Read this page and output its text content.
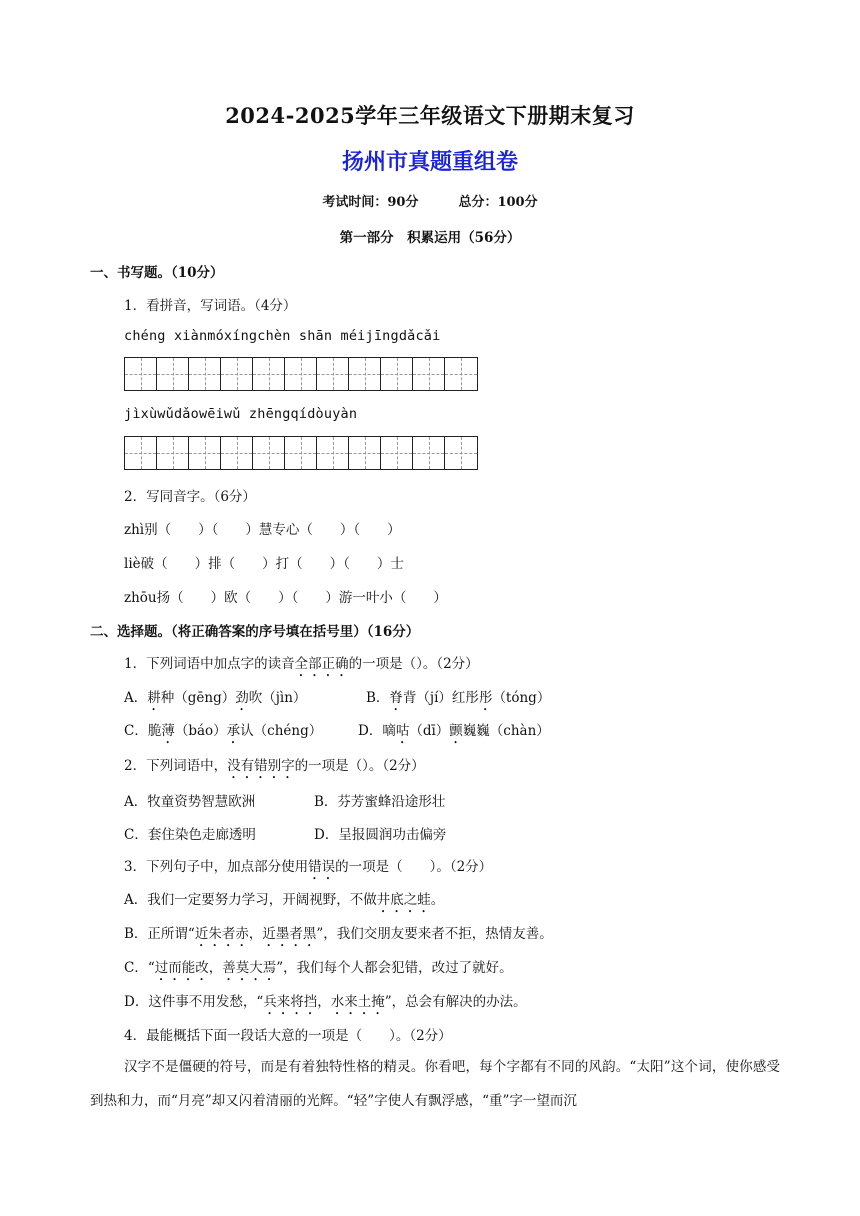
2024-2025学年三年级语文下册期末复习
扬州市真题重组卷
考试时间：90分	总分：100分
第一部分　积累运用（56分）
一、书写题。（10分）
1．看拼音，写词语。（4分）
chéng xiànmóxíngchèn shān méijīngdǎcǎi
jìxùwǔdǎowēiwǔ zhēngqídòuyàn
2．写同音字。（6分）
zhì别（　　）（　　）慧专心（　　）（　　）
liè破（　　）排（　　）打（　　）（　　）士
zhōu扬（　　）欧（　　）（　　）游一叶小（　　）
二、选择题。（将正确答案的序号填在括号里）（16分）
1．下列词语中加点字的读音全部正确的一项是（）。（2分）
A．耕种（gēng）劲吹（jìn）	B．脊背（jí）红彤彤（tóng）
C．脆薄（báo）承认（chéng）	D．嘀咕（dī）颤巍巍（chàn）
2．下列词语中，没有错别字的一项是（）。（2分）
A．牧童资势智慧欧洲	B．芬芳蜜蜂沿途形壮
C．套住染色走廊透明	D．呈报圆润功击偏旁
3．下列句子中，加点部分使用错误的一项是（　　）。（2分）
A．我们一定要努力学习，开阔视野，不做井底之蛙。
B．正所谓“近朱者赤，近墨者黑”，我们交朋友要来者不拒，热情友善。
C．“过而能改，善莫大焉”，我们每个人都会犯错，改过了就好。
D．这件事不用发愁，“兵来将挡，水来土掩”，总会有解决的办法。
4．最能概括下面一段话大意的一项是（　　）。（2分）
汉字不是僵硬的符号，而是有着独特性格的精灵。你看吧，每个字都有不同的风韵。“太阳”这个词，使你感受到热和力，而“月亮”却又闪着清丽的光辉。“轻”字使人有飘浮感，“重”字一望而沉
